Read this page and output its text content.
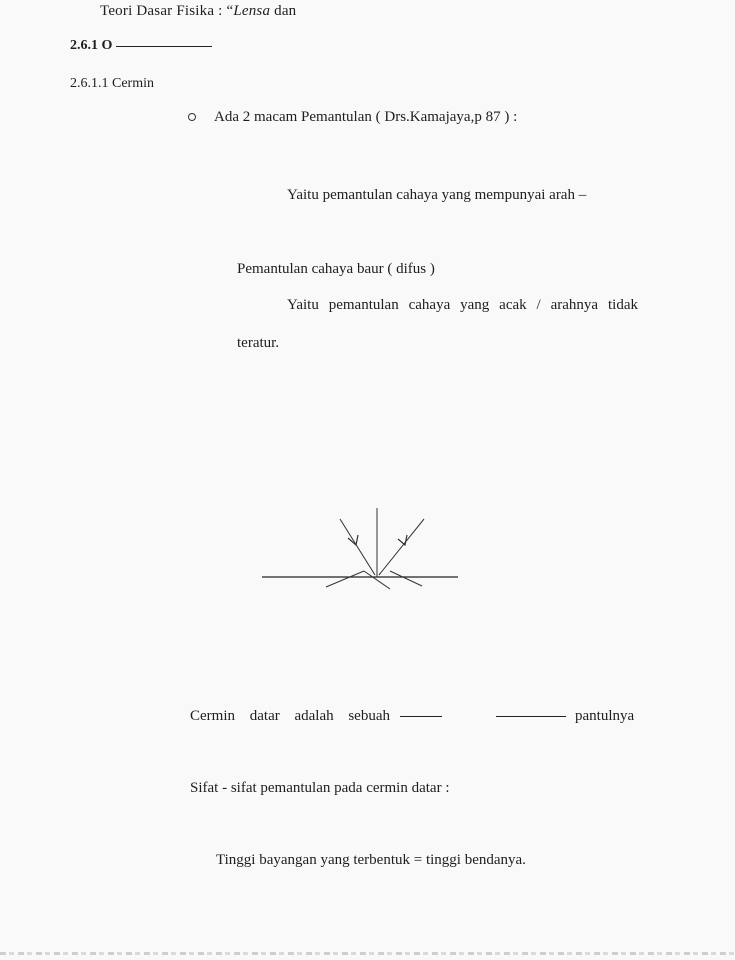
Teori Dasar Fisika : “Lensa dan
2.6.1 O
2.6.1.1 Cermin
Ada 2 macam Pemantulan ( Drs.Kamajaya,p 87 ) :
Yaitu pemantulan cahaya yang mempunyai arah –
Pemantulan cahaya baur ( difus )
Yaitu pemantulan cahaya yang acak / arahnya tidak
teratur.
Cermin datar adalah sebuah	pantulnya
Sifat - sifat pemantulan pada cermin datar :
Tinggi bayangan yang terbentuk = tinggi bendanya.
